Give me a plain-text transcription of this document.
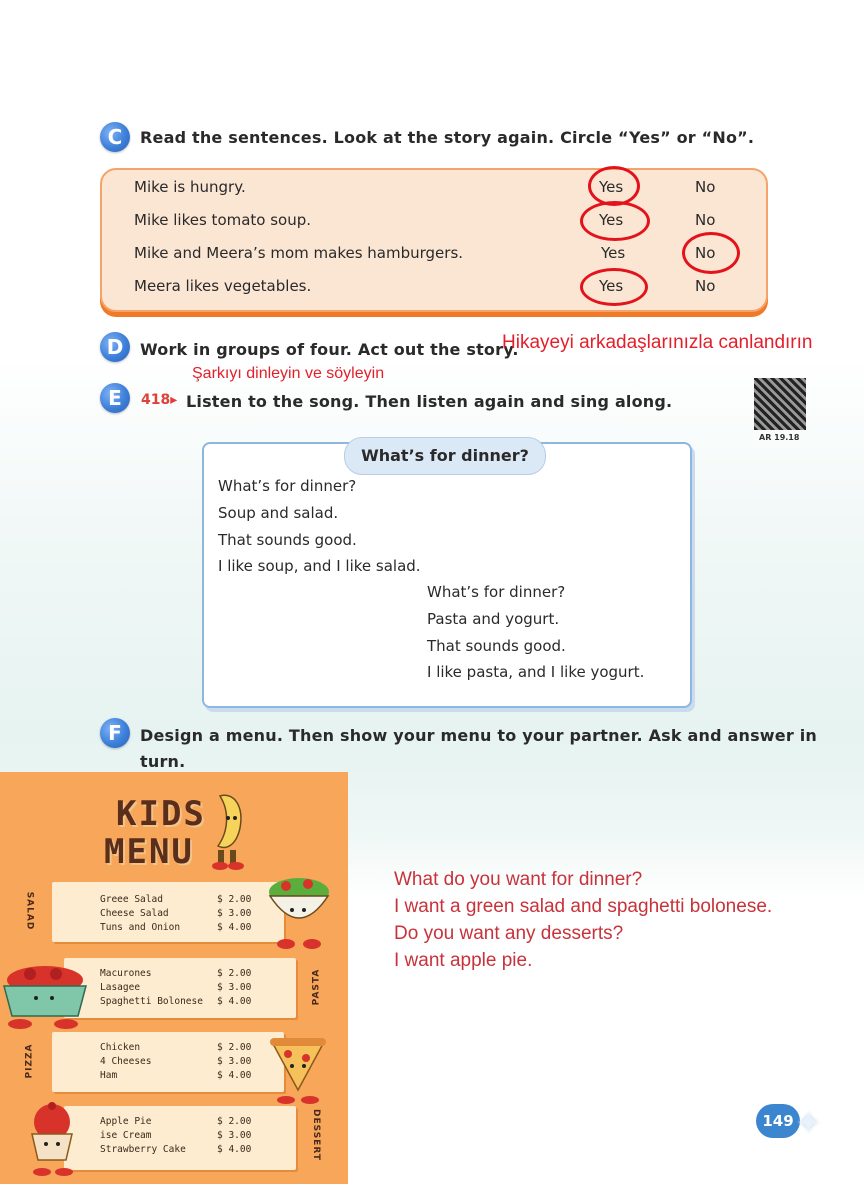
C	Read the sentences. Look at the story again. Circle “Yes” or “No”.
Mike is hungry.	Yes	No
Mike likes tomato soup.	Yes	No
Mike and Meera’s mom makes hamburgers.	Yes	No
Meera likes vegetables.	Yes	No
D	Work in groups of four. Act out the story.
Hikayeyi arkadaşlarınızla canlandırın
Şarkıyı dinleyin ve söyleyin
E	418▸ Listen to the song. Then listen again and sing along.
AR 19.18
What’s for dinner?
What’s for dinner?
Soup and salad.
That sounds good.
I like soup, and I like salad.
What’s for dinner?
Pasta and yogurt.
That sounds good.
I like pasta, and I like yogurt.
F	Design a menu. Then show your menu to your partner. Ask and answer in
turn.
KIDS
MENU
SALAD	Greee Salad	$ 2.00
Cheese Salad	$ 3.00
Tuns and Onion	$ 4.00
PASTA
Macurones	$ 2.00
Lasagee	$ 3.00
Spaghetti Bolonese $ 4.00
PIZZA	Chicken	$ 2.00
4 Cheeses	$ 3.00
Ham	$ 4.00
DESSERT
Apple Pie	$ 2.00
ise Cream	$ 3.00
Strawberry Cake	$ 4.00
What do you want for dinner?
I want a green salad and spaghetti bolonese.
Do you want any desserts?
I want apple pie.
149 ✦
